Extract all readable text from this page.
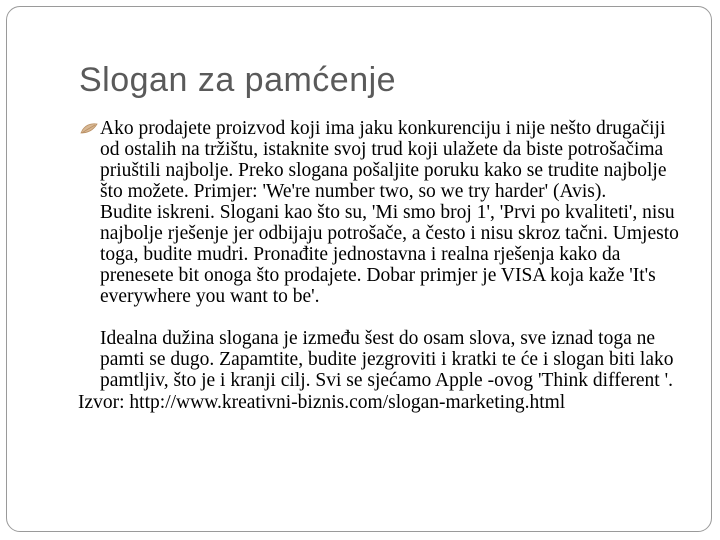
Slogan za pamćenje

Ako prodajete proizvod koji ima jaku konkurenciju i nije nešto drugačiji od ostalih na tržištu, istaknite svoj trud koji ulažete da biste potrošačima priuštili najbolje. Preko slogana pošaljite poruku kako se trudite najbolje što možete. Primjer: 'We're number two, so we try harder' (Avis).

Budite iskreni. Slogani kao što su, 'Mi smo broj 1', 'Prvi po kvaliteti', nisu najbolje rješenje jer odbijaju potrošače, a često i nisu skroz tačni. Umjesto toga, budite mudri. Pronađite jednostavna i realna rješenja kako da prenesete bit onoga što prodajete. Dobar primjer je VISA koja kaže 'It's everywhere you want to be'.

Idealna dužina slogana je između šest do osam slova, sve iznad toga ne pamti se dugo. Zapamtite, budite jezgroviti i kratki te će i slogan biti lako pamtljiv, što je i kranji cilj. Svi se sjećamo Apple -ovog 'Think different '.

Izvor: http://www.kreativni-biznis.com/slogan-marketing.html
